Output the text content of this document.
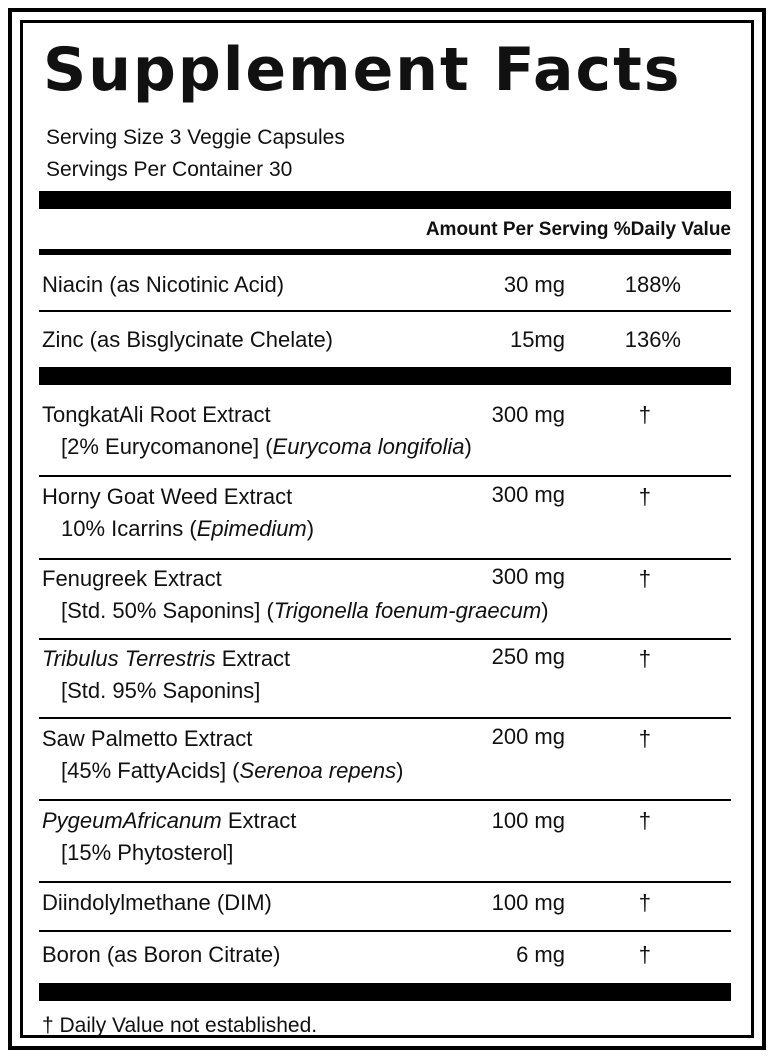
Supplement Facts
Serving Size 3 Veggie Capsules
Servings Per Container 30
Amount Per Serving %Daily Value
Niacin (as Nicotinic Acid)	30 mg	188%
Zinc (as Bisglycinate Chelate)	15mg	136%
TongkatAli Root Extract
[2% Eurycomanone] (Eurycoma longifolia)
300 mg	†
Horny Goat Weed Extract
10% Icarrins (Epimedium)
300 mg	†
Fenugreek Extract
[Std. 50% Saponins] (Trigonella foenum-graecum)
300 mg	†
Tribulus Terrestris Extract
[Std. 95% Saponins]
250 mg	†
Saw Palmetto Extract
[45% FattyAcids] (Serenoa repens)
200 mg	†
PygeumAfricanum Extract
[15% Phytosterol]
100 mg	†
Diindolylmethane (DIM)	100 mg	†
Boron (as Boron Citrate)	6 mg	†
† Daily Value not established.
